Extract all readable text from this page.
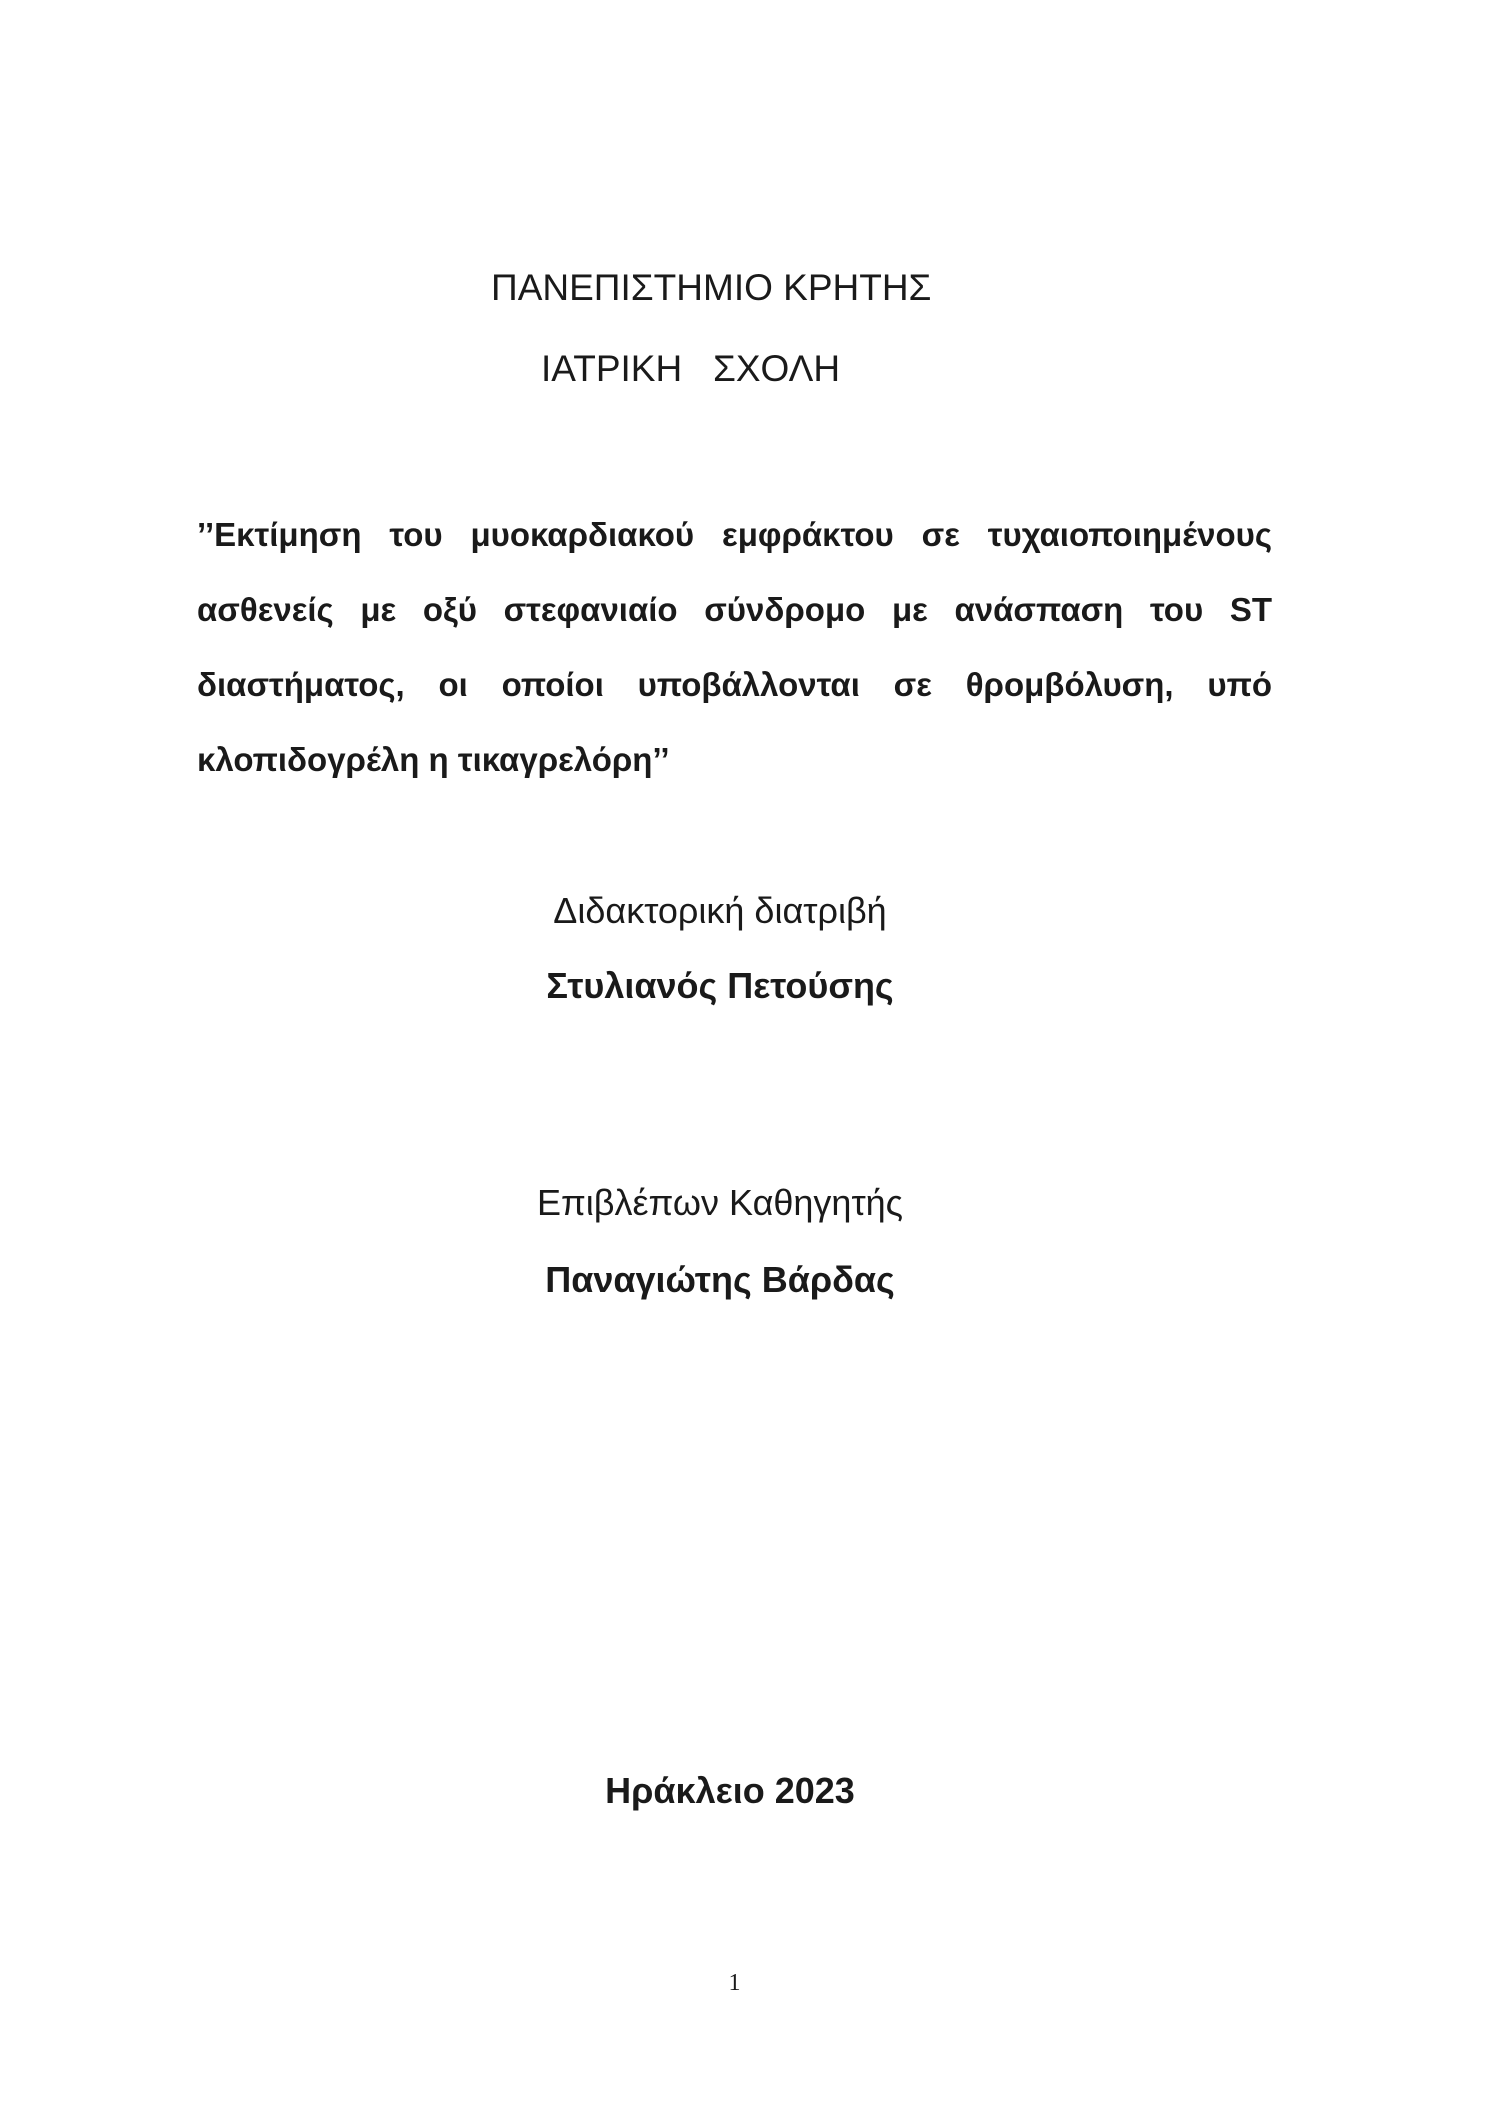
ΠΑΝΕΠΙΣΤΗΜΙΟ ΚΡΗΤΗΣ
ΙΑΤΡΙΚΗ   ΣΧΟΛΗ
’’Εκτίμηση του μυοκαρδιακού εμφράκτου σε τυχαιοποιημένους ασθενείς με οξύ στεφανιαίο σύνδρομο με ανάσπαση του ST διαστήματος, οι οποίοι υποβάλλονται σε θρομβόλυση, υπό κλοπιδογρέλη η τικαγρελόρη’’
Διδακτορική διατριβή
Στυλιανός Πετούσης
Επιβλέπων Καθηγητής
Παναγιώτης Βάρδας
Ηράκλειο 2023
1
